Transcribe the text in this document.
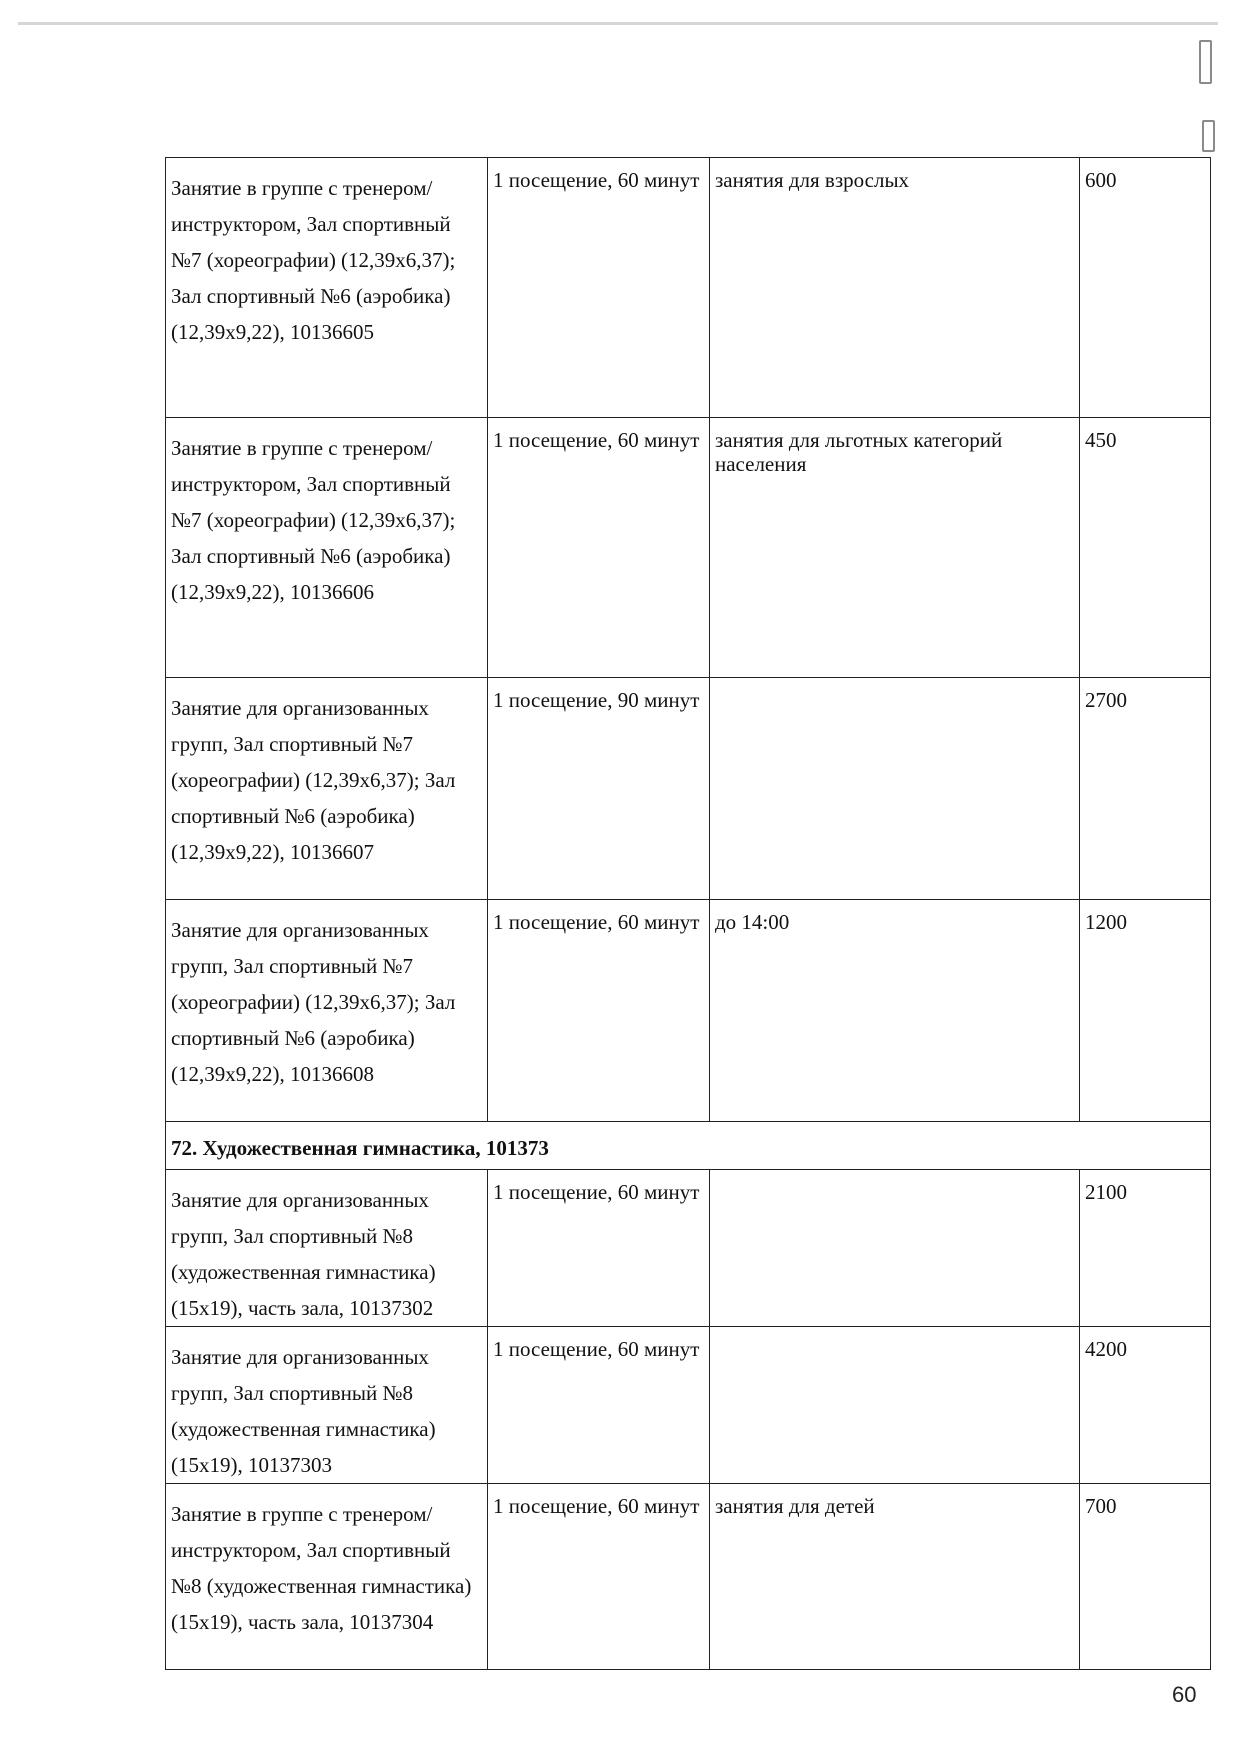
Занятие в группе с тренером/инструктором, Зал спортивный №7 (хореографии) (12,39х6,37); Зал спортивный №6 (аэробика) (12,39х9,22), 10136605	1 посещение, 60 минут	занятия для взрослых	600
Занятие в группе с тренером/инструктором, Зал спортивный №7 (хореографии) (12,39х6,37); Зал спортивный №6 (аэробика) (12,39х9,22), 10136606	1 посещение, 60 минут	занятия для льготных категорий населения	450
Занятие для организованных групп, Зал спортивный №7 (хореографии) (12,39х6,37); Зал спортивный №6 (аэробика) (12,39х9,22), 10136607	1 посещение, 90 минут		2700
Занятие для организованных групп, Зал спортивный №7 (хореографии) (12,39х6,37); Зал спортивный №6 (аэробика) (12,39х9,22), 10136608	1 посещение, 60 минут	до 14:00	1200
72. Художественная гимнастика, 101373			
Занятие для организованных групп, Зал спортивный №8 (художественная гимнастика) (15х19), часть зала, 10137302	1 посещение, 60 минут		2100
Занятие для организованных групп, Зал спортивный №8 (художественная гимнастика) (15х19), 10137303	1 посещение, 60 минут		4200
Занятие в группе с тренером/инструктором, Зал спортивный №8 (художественная гимнастика) (15х19), часть зала, 10137304	1 посещение, 60 минут	занятия для детей	700
60
